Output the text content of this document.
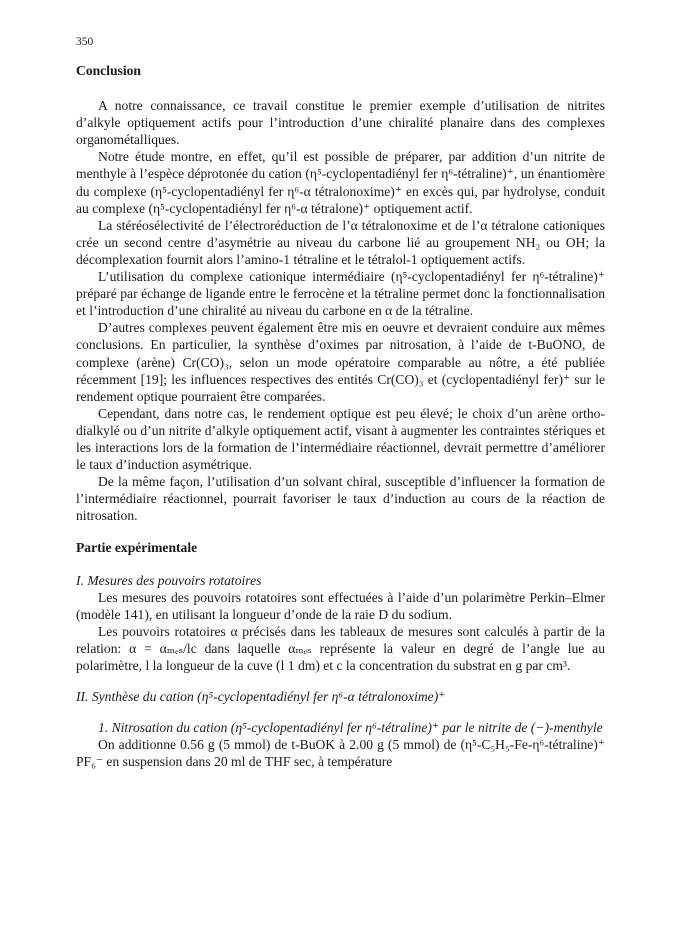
350

Conclusion

A notre connaissance, ce travail constitue le premier exemple d’utilisation de nitrites d’alkyle optiquement actifs pour l’introduction d’une chiralité planaire dans des complexes organométalliques.

Notre étude montre, en effet, qu’il est possible de préparer, par addition d’un nitrite de menthyle à l’espèce déprotonée du cation (η⁵-cyclopentadiényl fer η⁶-tétraline)⁺, un énantiomère du complexe (η⁵-cyclopentadiényl fer η⁶-α tétralonoxime)⁺ en excès qui, par hydrolyse, conduit au complexe (η⁵-cyclopentadiényl fer η⁶-α tétralone)⁺ optiquement actif.

La stéréosélectivité de l’électroréduction de l’α tétralonoxime et de l’α tétralone cationiques crée un second centre d’asymétrie au niveau du carbone lié au groupement NH₂ ou OH; la décomplexation fournit alors l’amino-1 tétraline et le tétralol-1 optiquement actifs.

L’utilisation du complexe cationique intermédiaire (η⁵-cyclopentadiényl fer η⁶-tétraline)⁺ préparé par échange de ligande entre le ferrocène et la tétraline permet donc la fonctionnalisation et l’introduction d’une chiralité au niveau du carbone en α de la tétraline.

D’autres complexes peuvent également être mis en oeuvre et devraient conduire aux mêmes conclusions. En particulier, la synthèse d’oximes par nitrosation, à l’aide de t-BuONO, de complexe (arène) Cr(CO)₃, selon un mode opératoire comparable au nôtre, a été publiée récemment [19]; les influences respectives des entités Cr(CO)₃ et (cyclopentadiényl fer)⁺ sur le rendement optique pourraient être comparées.

Cependant, dans notre cas, le rendement optique est peu élevé; le choix d’un arène ortho-dialkylé ou d’un nitrite d’alkyle optiquement actif, visant à augmenter les contraintes stériques et les interactions lors de la formation de l’intermédiaire réactionnel, devrait permettre d’améliorer le taux d’induction asymétrique.

De la même façon, l’utilisation d’un solvant chiral, susceptible d’influencer la formation de l’intermédiaire réactionnel, pourrait favoriser le taux d’induction au cours de la réaction de nitrosation.

Partie expérimentale

I. Mesures des pouvoirs rotatoires

Les mesures des pouvoirs rotatoires sont effectuées à l’aide d’un polarimètre Perkin–Elmer (modèle 141), en utilisant la longueur d’onde de la raie D du sodium.

Les pouvoirs rotatoires α précisés dans les tableaux de mesures sont calculés à partir de la relation: α = αₘₑₛ/lc dans laquelle αₘₑₛ représente la valeur en degré de l’angle lue au polarimètre, l la longueur de la cuve (l 1 dm) et c la concentration du substrat en g par cm³.

II. Synthèse du cation (η⁵-cyclopentadiényl fer η⁶-α tétralonoxime)⁺

1. Nitrosation du cation (η⁵-cyclopentadiényl fer η⁶-tétraline)⁺ par le nitrite de (−)-menthyle

On additionne 0.56 g (5 mmol) de t-BuOK à 2.00 g (5 mmol) de (η⁵-C₅H₅-Fe-η⁶-tétraline)⁺ PF₆⁻ en suspension dans 20 ml de THF sec, à température
